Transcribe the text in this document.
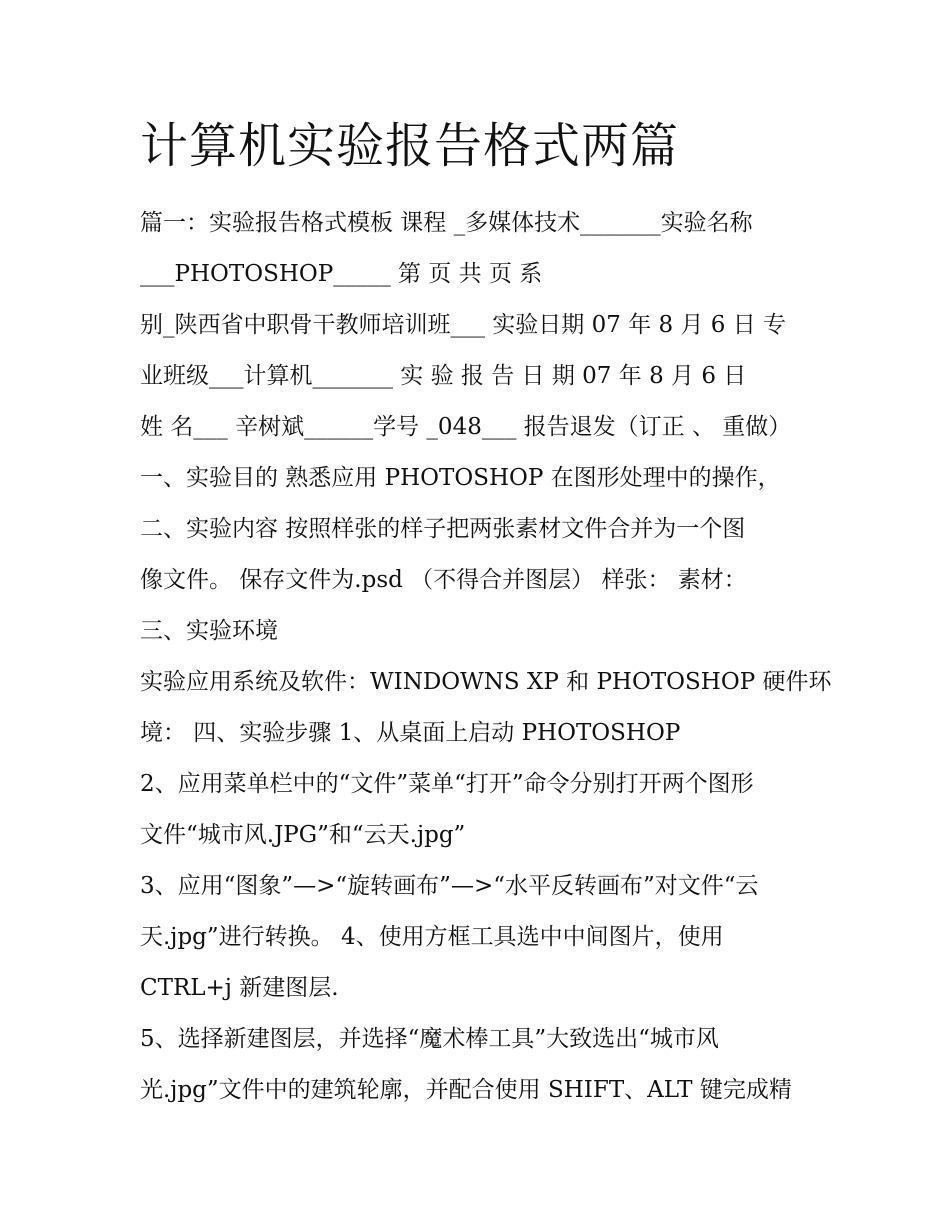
计算机实验报告格式两篇
篇一：实验报告格式模板 课程 _多媒体技术_______实验名称
___PHOTOSHOP_____ 第 页 共 页 系
别_陕西省中职骨干教师培训班___ 实验日期 07 年 8 月 6 日 专
业班级___计算机_______ 实 验 报 告 日 期 07 年 8 月 6 日
姓 名___ 辛树斌______学号 _048___ 报告退发（订正 、 重做）
一、实验目的 熟悉应用 PHOTOSHOP 在图形处理中的操作，
二、实验内容 按照样张的样子把两张素材文件合并为一个图
像文件。 保存文件为.psd （不得合并图层） 样张： 素材：
三、实验环境
实验应用系统及软件：WINDOWNS XP 和 PHOTOSHOP 硬件环
境： 四、实验步骤 1、从桌面上启动 PHOTOSHOP
2、应用菜单栏中的“文件”菜单“打开”命令分别打开两个图形
文件“城市风.JPG”和“云天.jpg”
3、应用“图象”—>“旋转画布”—>“水平反转画布”对文件“云
天.jpg”进行转换。 4、使用方框工具选中中间图片，使用
CTRL+j 新建图层.
5、选择新建图层，并选择“魔术棒工具”大致选出“城市风
光.jpg”文件中的建筑轮廓，并配合使用 SHIFT、ALT 键完成精
